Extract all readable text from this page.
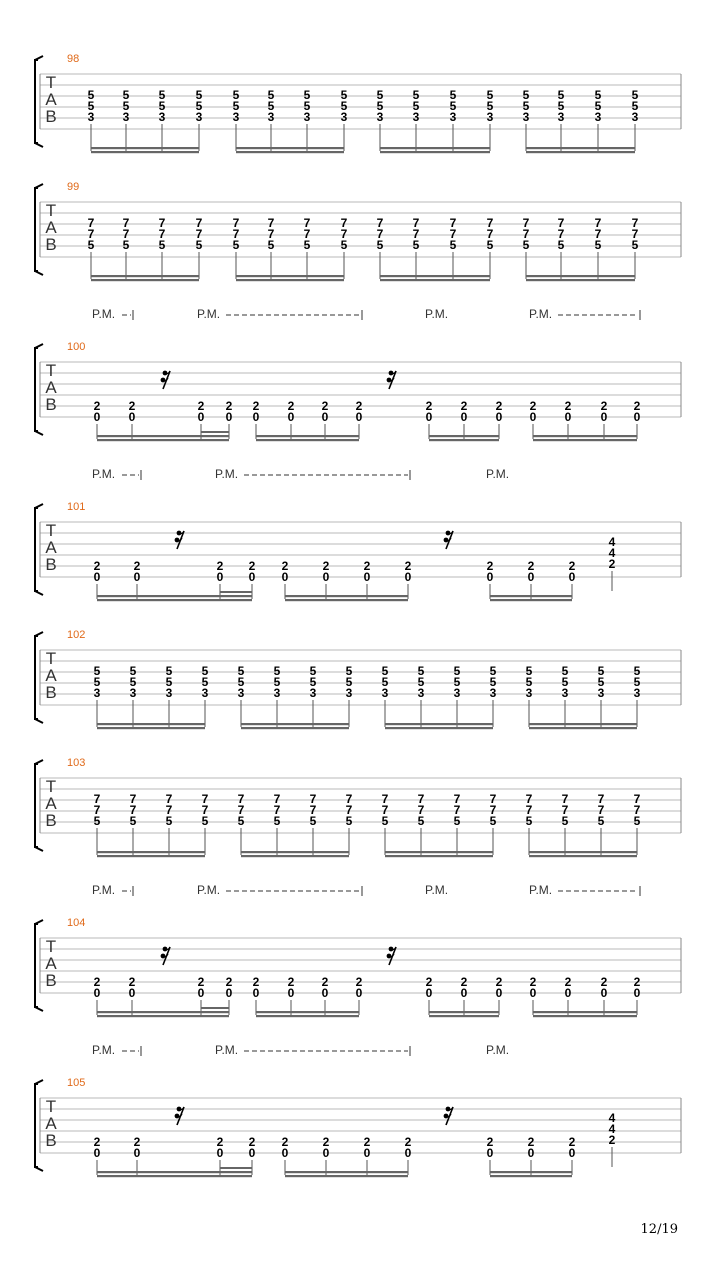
98
T
A
B
5
5
3
5
5
3
5
5
3
5
5
3
5
5
3
5
5
3
5
5
3
5
5
3
5
5
3
5
5
3
5
5
3
5
5
3
5
5
3
5
5
3
5
5
3
5
5
3
99
T
A
B
7
7
5
7
7
5
7
7
5
7
7
5
7
7
5
7
7
5
7
7
5
7
7
5
7
7
5
7
7
5
7
7
5
7
7
5
7
7
5
7
7
5
7
7
5
7
7
5
P.M.	P.M.	P.M.	P.M.
100
T
A
B	2
0
2
0
2
0
2
0
2
0
2
0
2
0
2
0
2
0
2
0
2
0
2
0
2
0
2
0
2
0
P.M.	P.M.	P.M.
101
T
A
B	2
0
2
0
2
0
2
0
2
0
2
0
2
0
2
0
2
0
2
0
2
0
4
4
2
102
T
A
B
5
5
3
5
5
3
5
5
3
5
5
3
5
5
3
5
5
3
5
5
3
5
5
3
5
5
3
5
5
3
5
5
3
5
5
3
5
5
3
5
5
3
5
5
3
5
5
3
103
T
A
B
7
7
5
7
7
5
7
7
5
7
7
5
7
7
5
7
7
5
7
7
5
7
7
5
7
7
5
7
7
5
7
7
5
7
7
5
7
7
5
7
7
5
7
7
5
7
7
5
P.M.	P.M.	P.M.	P.M.
104
T
A
B	2
0
2
0
2
0
2
0
2
0
2
0
2
0
2
0
2
0
2
0
2
0
2
0
2
0
2
0
2
0
P.M.	P.M.	P.M.
105
T
A
B	2
0
2
0
2
0
2
0
2
0
2
0
2
0
2
0
2
0
2
0
2
0
4
4
2
12/19
